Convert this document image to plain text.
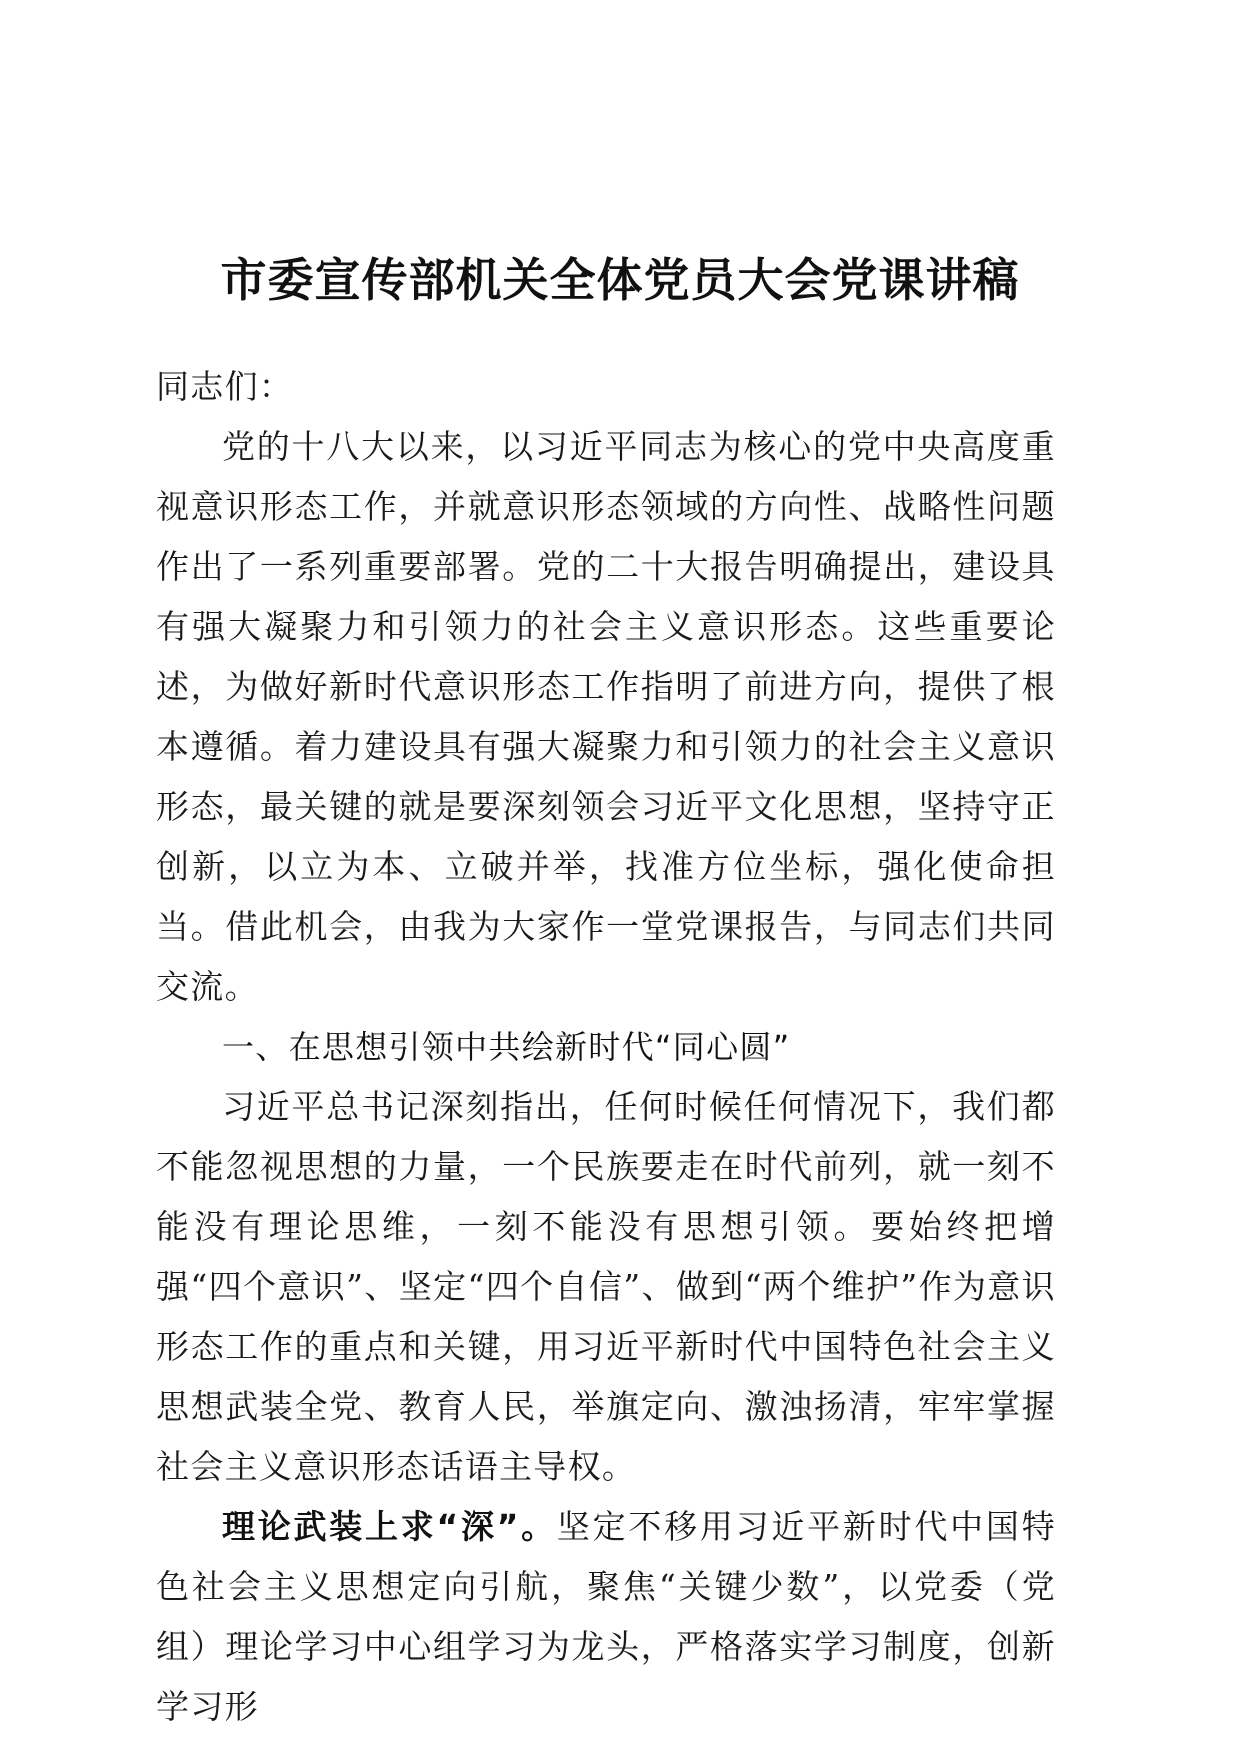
市委宣传部机关全体党员大会党课讲稿

同志们：

党的十八大以来，以习近平同志为核心的党中央高度重视意识形态工作，并就意识形态领域的方向性、战略性问题作出了一系列重要部署。党的二十大报告明确提出，建设具有强大凝聚力和引领力的社会主义意识形态。这些重要论述，为做好新时代意识形态工作指明了前进方向，提供了根本遵循。着力建设具有强大凝聚力和引领力的社会主义意识形态，最关键的就是要深刻领会习近平文化思想，坚持守正创新，以立为本、立破并举，找准方位坐标，强化使命担当。借此机会，由我为大家作一堂党课报告，与同志们共同交流。

一、在思想引领中共绘新时代“同心圆”

习近平总书记深刻指出，任何时候任何情况下，我们都不能忽视思想的力量，一个民族要走在时代前列，就一刻不能没有理论思维，一刻不能没有思想引领。要始终把增强“四个意识”、坚定“四个自信”、做到“两个维护”作为意识形态工作的重点和关键，用习近平新时代中国特色社会主义思想武装全党、教育人民，举旗定向、激浊扬清，牢牢掌握社会主义意识形态话语主导权。

理论武装上求“深”。坚定不移用习近平新时代中国特色社会主义思想定向引航，聚焦“关键少数”，以党委（党组）理论学习中心组学习为龙头，严格落实学习制度，创新学习形
